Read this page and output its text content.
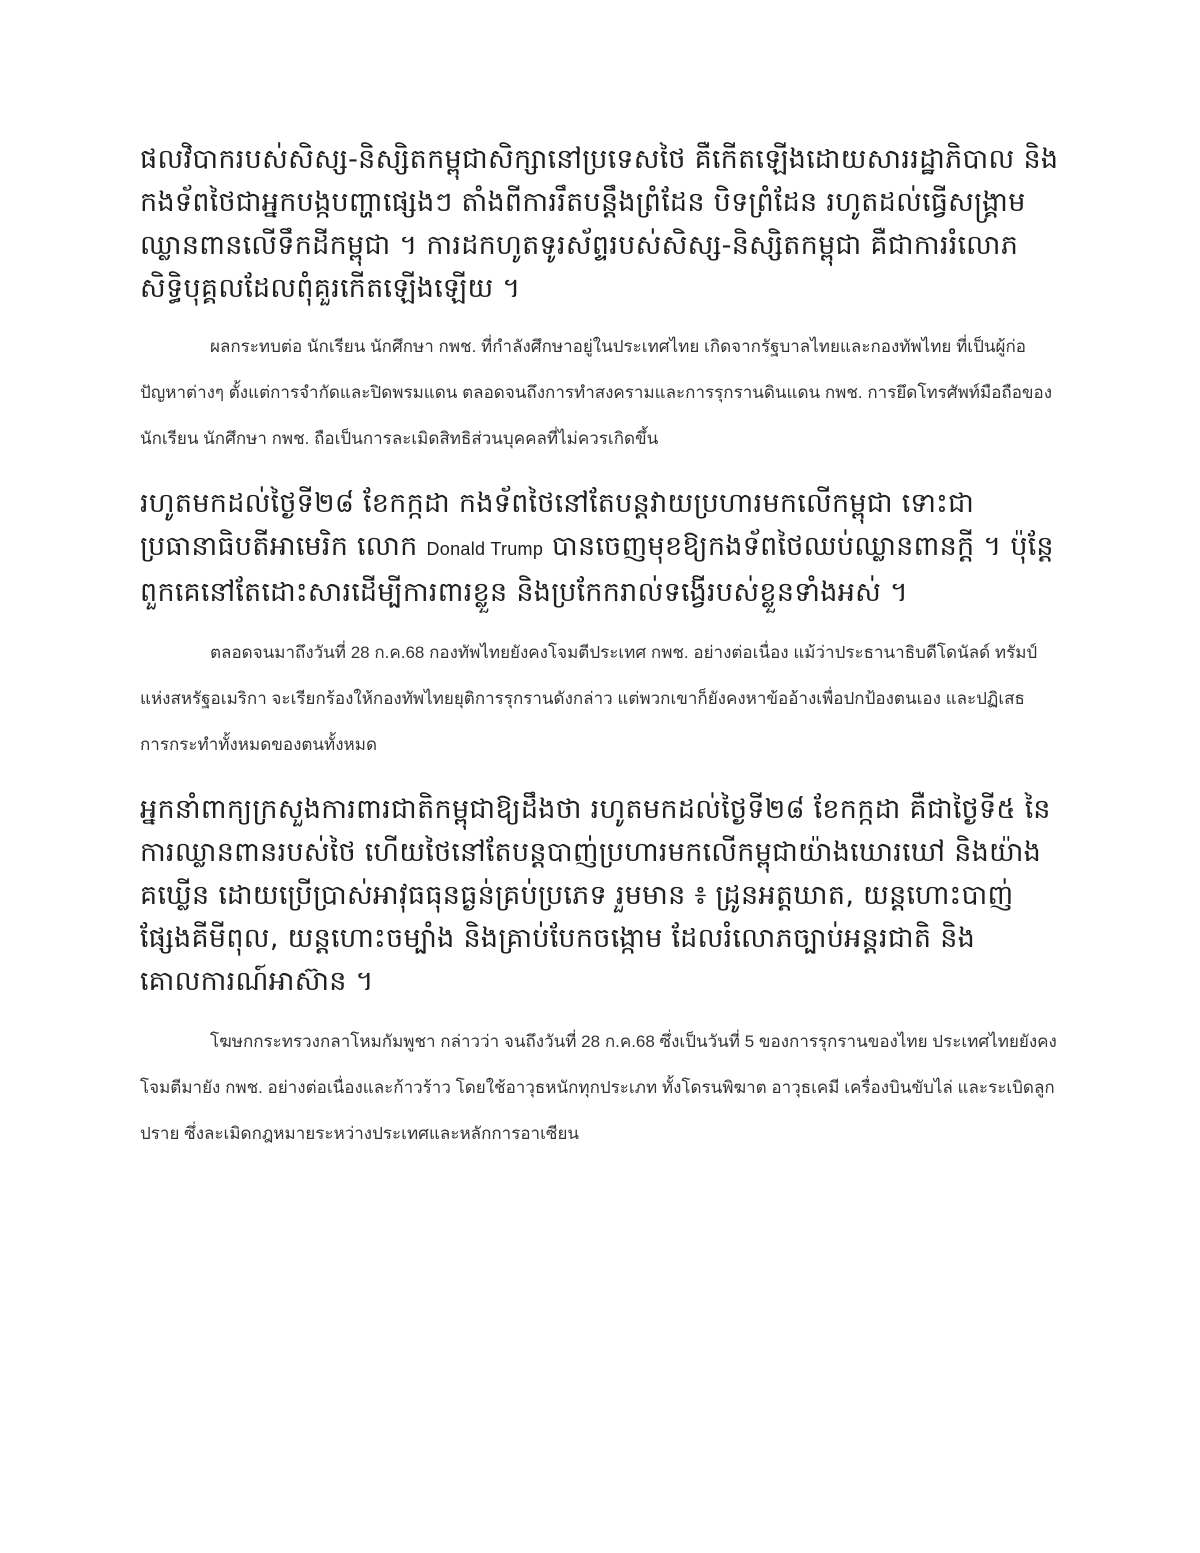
ផលវិបាករបស់សិស្ស-និស្សិតកម្ពុជាសិក្សានៅប្រទេសថៃ គឺកើតឡើងដោយសាររដ្ឋាភិបាល និងកងទ័ពថៃជាអ្នកបង្កបញ្ហាផ្សេងៗ តាំងពីការរឹតបន្តឹងព្រំដែន បិទព្រំដែន រហូតដល់ធ្វើសង្គ្រាមឈ្លានពានលើទឹកដីកម្ពុជា ។ ការដកហូតទូរស័ព្ទរបស់សិស្ស-និស្សិតកម្ពុជា គឺជាការរំលោភសិទ្ធិបុគ្គលដែលពុំគួរកើតឡើងឡើយ ។

ผลกระทบต่อ นักเรียน นักศึกษา กพช. ที่กำลังศึกษาอยู่ในประเทศไทย เกิดจากรัฐบาลไทยและกองทัพไทย ที่เป็นผู้ก่อปัญหาต่างๆ ตั้งแต่การจำกัดและปิดพรมแดน ตลอดจนถึงการทำสงครามและการรุกรานดินแดน กพช. การยึดโทรศัพท์มือถือของ นักเรียน นักศึกษา กพช. ถือเป็นการละเมิดสิทธิส่วนบุคคลที่ไม่ควรเกิดขึ้น

រហូតមកដល់ថ្ងៃទី២៨ ខែកក្កដា កងទ័ពថៃនៅតែបន្តវាយប្រហារមកលើកម្ពុជា ទោះជាប្រធានាធិបតីអាមេរិក លោក Donald Trump បានចេញមុខឱ្យកងទ័ពថៃឈប់ឈ្លានពានក្តី ។ ប៉ុន្តែពួកគេនៅតែដោះសារដើម្បីការពារខ្លួន និងប្រកែករាល់ទង្វើរបស់ខ្លួនទាំងអស់ ។

ตลอดจนมาถึงวันที่ 28 ก.ค.68 กองทัพไทยยังคงโจมตีประเทศ กพช. อย่างต่อเนื่อง แม้ว่าประธานาธิบดีโดนัลด์ ทรัมป์ แห่งสหรัฐอเมริกา จะเรียกร้องให้กองทัพไทยยุติการรุกรานดังกล่าว แต่พวกเขาก็ยังคงหาข้ออ้างเพื่อปกป้องตนเอง และปฏิเสธการกระทำทั้งหมดของตนทั้งหมด

អ្នកនាំពាក្យក្រសួងការពារជាតិកម្ពុជាឱ្យដឹងថា រហូតមកដល់ថ្ងៃទី២៨ ខែកក្កដា គឺជាថ្ងៃទី៥ នៃការឈ្លានពានរបស់ថៃ ហើយថៃនៅតែបន្តបាញ់ប្រហារមកលើកម្ពុជាយ៉ាងឃោរឃៅ និងយ៉ាងគឃ្លើន ដោយប្រើប្រាស់អាវុធធុនធ្ងន់គ្រប់ប្រភេទ រួមមាន ៖ ដ្រូនអត្តឃាត, យន្តហោះបាញ់ផ្សែងគីមីពុល, យន្តហោះចម្បាំង និងគ្រាប់បែកចង្កោម ដែលរំលោភច្បាប់អន្តរជាតិ និងគោលការណ៍អាស៊ាន ។

โฆษกกระทรวงกลาโหมกัมพูชา กล่าวว่า จนถึงวันที่ 28 ก.ค.68 ซึ่งเป็นวันที่ 5 ของการรุกรานของไทย ประเทศไทยยังคงโจมตีมายัง กพช. อย่างต่อเนื่องและก้าวร้าว โดยใช้อาวุธหนักทุกประเภท ทั้งโดรนพิฆาต อาวุธเคมี เครื่องบินขับไล่ และระเบิดลูกปราย ซึ่งละเมิดกฎหมายระหว่างประเทศและหลักการอาเซียน
